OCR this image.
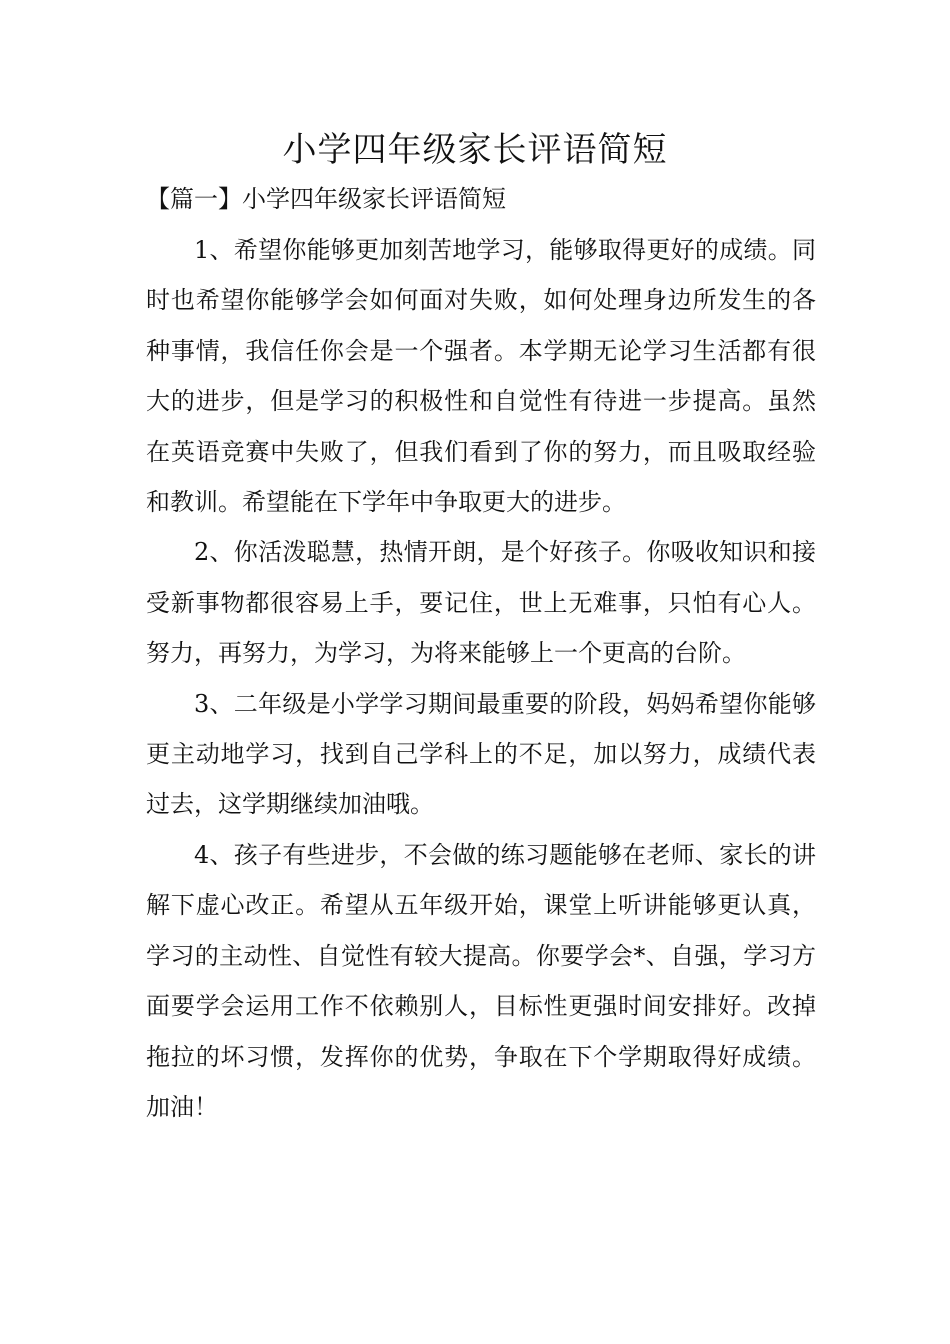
小学四年级家长评语简短
【篇一】小学四年级家长评语简短

1、希望你能够更加刻苦地学习，能够取得更好的成绩。同时也希望你能够学会如何面对失败，如何处理身边所发生的各种事情，我信任你会是一个强者。本学期无论学习生活都有很大的进步，但是学习的积极性和自觉性有待进一步提高。虽然在英语竞赛中失败了，但我们看到了你的努力，而且吸取经验和教训。希望能在下学年中争取更大的进步。

2、你活泼聪慧，热情开朗，是个好孩子。你吸收知识和接受新事物都很容易上手，要记住，世上无难事，只怕有心人。努力，再努力，为学习，为将来能够上一个更高的台阶。

3、二年级是小学学习期间最重要的阶段，妈妈希望你能够更主动地学习，找到自己学科上的不足，加以努力，成绩代表过去，这学期继续加油哦。

4、孩子有些进步，不会做的练习题能够在老师、家长的讲解下虚心改正。希望从五年级开始，课堂上听讲能够更认真，学习的主动性、自觉性有较大提高。你要学会*、自强，学习方面要学会运用工作不依赖别人，目标性更强时间安排好。改掉拖拉的坏习惯，发挥你的优势，争取在下个学期取得好成绩。加油！
